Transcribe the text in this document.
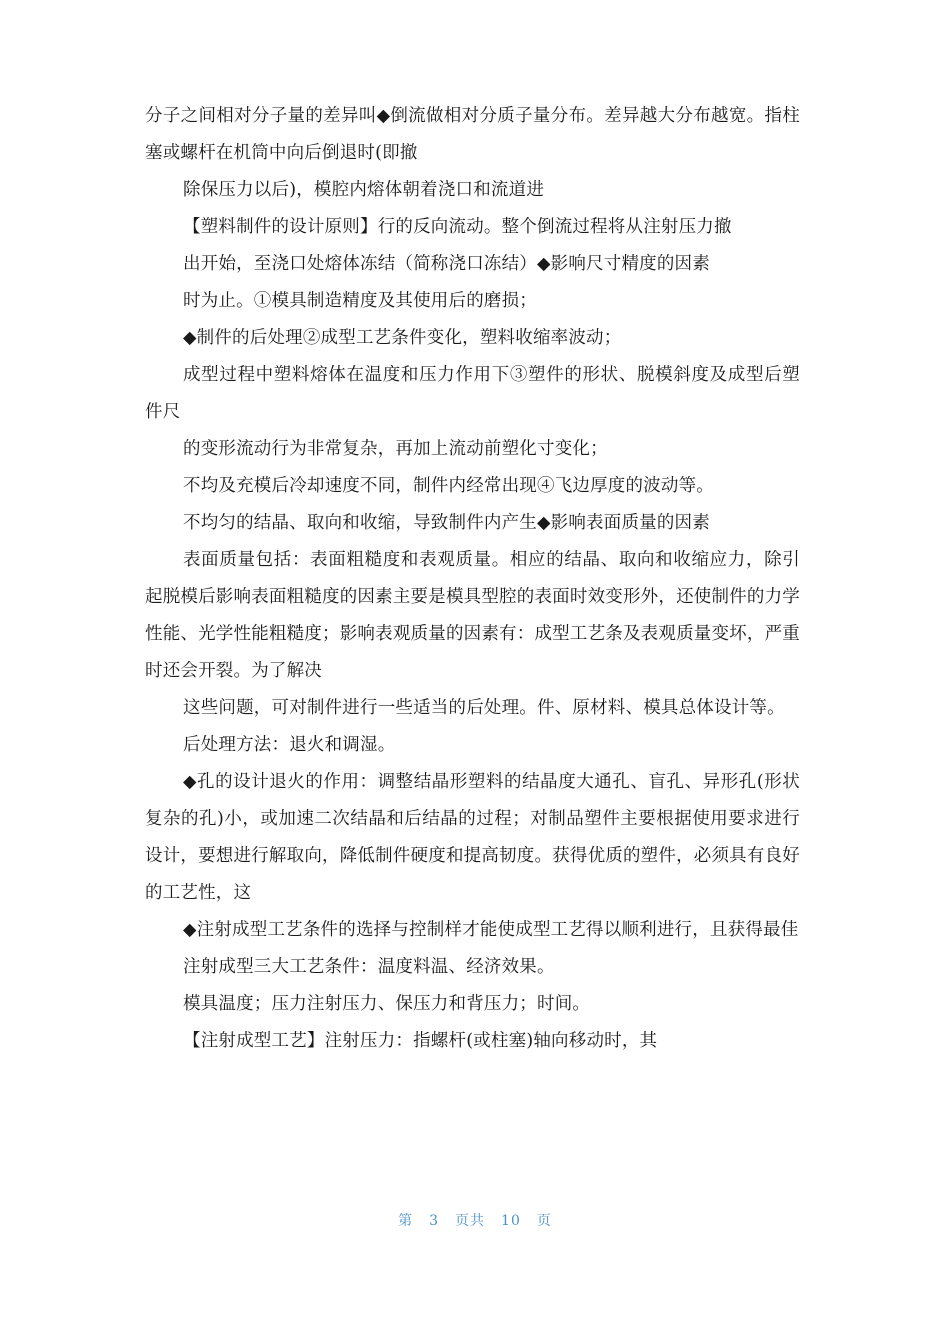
分子之间相对分子量的差异叫◆倒流做相对分质子量分布。差异越大分布越宽。指柱塞或螺杆在机筒中向后倒退时(即撤

除保压力以后)，模腔内熔体朝着浇口和流道进

【塑料制件的设计原则】行的反向流动。整个倒流过程将从注射压力撤

出开始，至浇口处熔体冻结（简称浇口冻结）◆影响尺寸精度的因素

时为止。①模具制造精度及其使用后的磨损；

◆制件的后处理②成型工艺条件变化，塑料收缩率波动；

成型过程中塑料熔体在温度和压力作用下③塑件的形状、脱模斜度及成型后塑件尺

的变形流动行为非常复杂，再加上流动前塑化寸变化；

不均及充模后冷却速度不同，制件内经常出现④飞边厚度的波动等。

不均匀的结晶、取向和收缩，导致制件内产生◆影响表面质量的因素

表面质量包括：表面粗糙度和表观质量。相应的结晶、取向和收缩应力，除引起脱模后影响表面粗糙度的因素主要是模具型腔的表面时效变形外，还使制件的力学性能、光学性能粗糙度；影响表观质量的因素有：成型工艺条及表观质量变坏，严重时还会开裂。为了解决

这些问题，可对制件进行一些适当的后处理。件、原材料、模具总体设计等。

后处理方法：退火和调湿。

◆孔的设计退火的作用：调整结晶形塑料的结晶度大通孔、盲孔、异形孔(形状复杂的孔)小，或加速二次结晶和后结晶的过程；对制品塑件主要根据使用要求进行设计，要想进行解取向，降低制件硬度和提高韧度。获得优质的塑件，必须具有良好的工艺性，这

◆注射成型工艺条件的选择与控制样才能使成型工艺得以顺利进行，且获得最佳

注射成型三大工艺条件：温度料温、经济效果。

模具温度；压力注射压力、保压力和背压力；时间。

【注射成型工艺】注射压力：指螺杆(或柱塞)轴向移动时，其

第 3 页共 10 页
